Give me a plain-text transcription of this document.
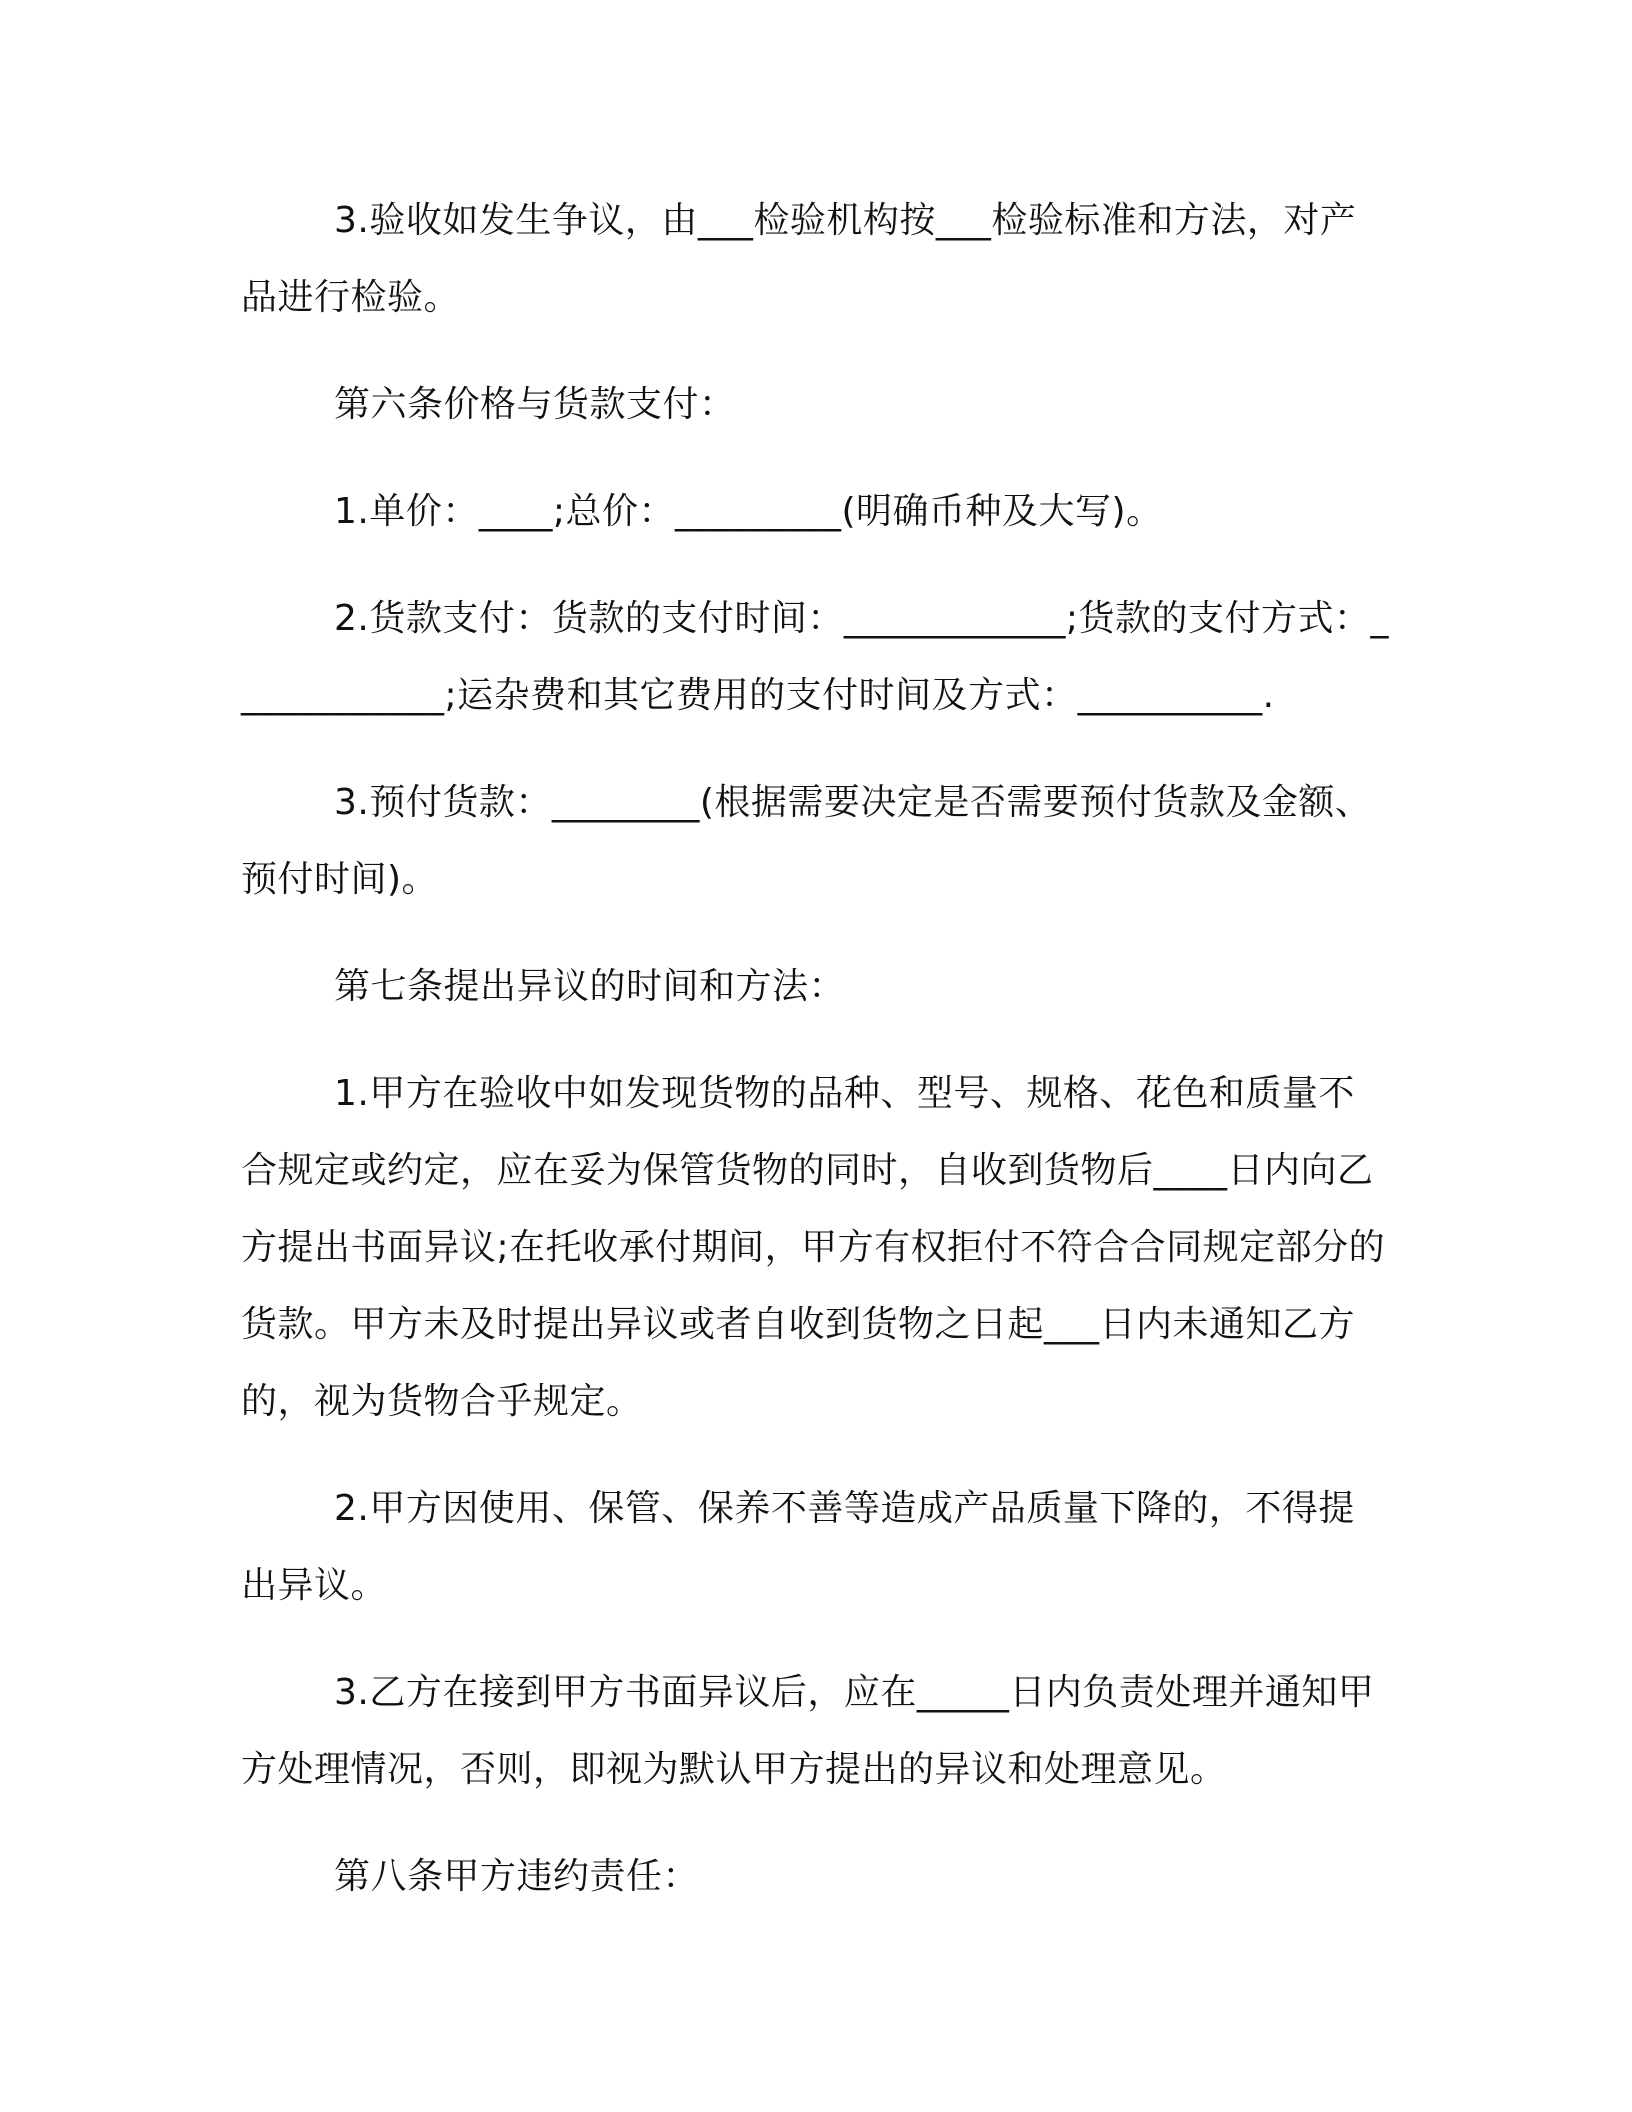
3.验收如发生争议，由___检验机构按___检验标准和方法，对产品进行检验。

第六条价格与货款支付：

1.单价：____;总价：_________(明确币种及大写)。

2.货款支付：货款的支付时间：____________;货款的支付方式：____________;运杂费和其它费用的支付时间及方式：__________.

3.预付货款：________(根据需要决定是否需要预付货款及金额、预付时间)。

第七条提出异议的时间和方法：

1.甲方在验收中如发现货物的品种、型号、规格、花色和质量不合规定或约定，应在妥为保管货物的同时，自收到货物后____日内向乙方提出书面异议;在托收承付期间，甲方有权拒付不符合合同规定部分的货款。甲方未及时提出异议或者自收到货物之日起___日内未通知乙方的，视为货物合乎规定。

2.甲方因使用、保管、保养不善等造成产品质量下降的，不得提出异议。

3.乙方在接到甲方书面异议后，应在_____日内负责处理并通知甲方处理情况，否则，即视为默认甲方提出的异议和处理意见。

第八条甲方违约责任：
